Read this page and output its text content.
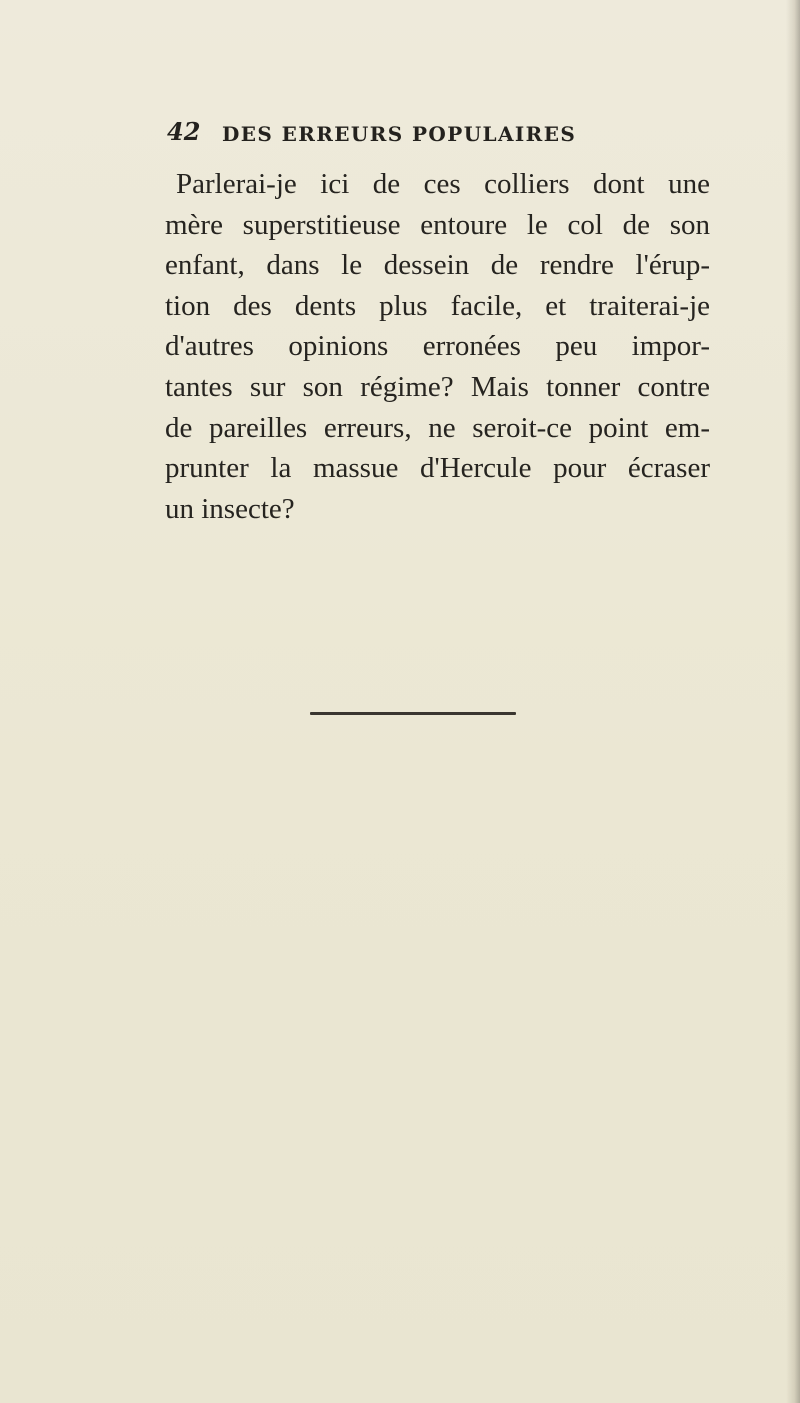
42 DES ERREURS POPULAIRES
Parlerai-je ici de ces colliers dont une
mère superstitieuse entoure le col de son
enfant, dans le dessein de rendre l'érup-
tion des dents plus facile, et traiterai-je
d'autres opinions erronées peu impor-
tantes sur son régime? Mais tonner contre
de pareilles erreurs, ne seroit-ce point em-
prunter la massue d'Hercule pour écraser
un insecte?
